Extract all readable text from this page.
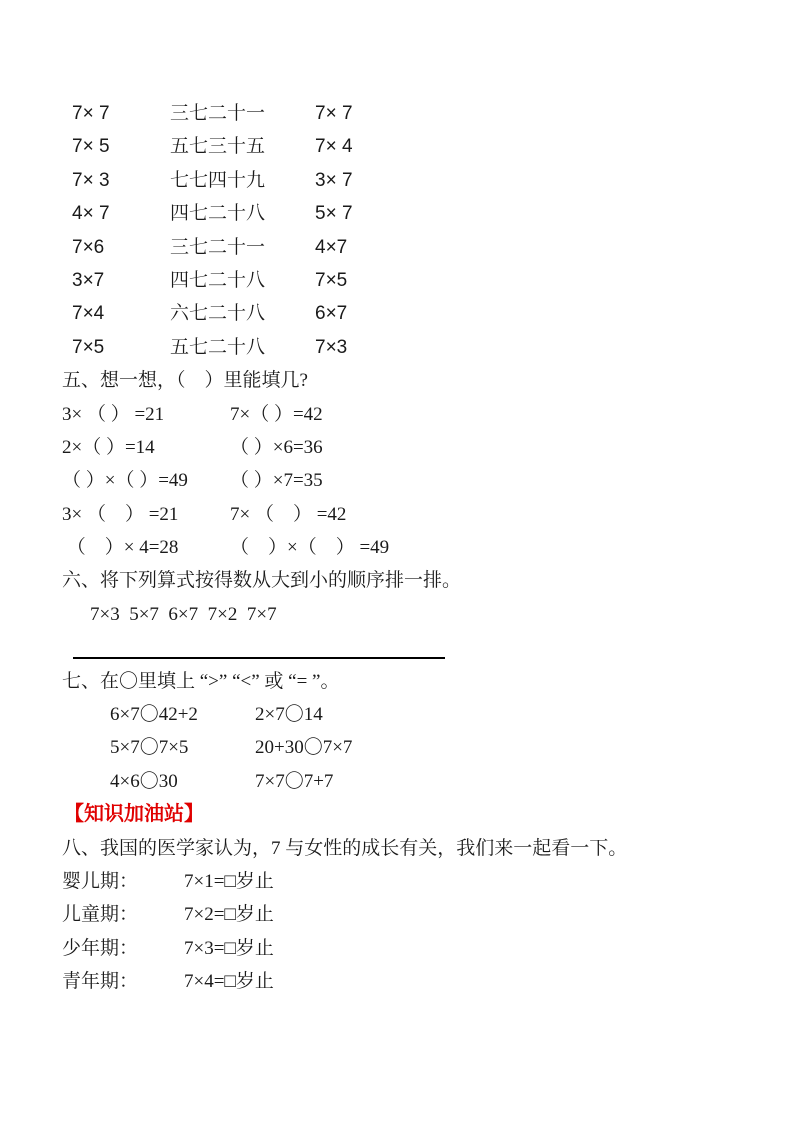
7× 7	三七二十一	7× 7
7× 5	五七三十五	7× 4
7× 3	七七四十九	3× 7
4× 7	四七二十八	5× 7
7×6	三七二十一	4×7
3×7	四七二十八	7×5
7×4	六七二十八	6×7
7×5	五七二十八	7×3

五、想一想，（　）里能填几?

3× （ ） =21	7×（ ）=42
2×（ ）=14	（ ）×6=36
（ ）×（ ）=49	（ ）×7=35
3× （　） =21	7× （　） =42
（　）× 4=28	（　）×（　） =49

六、将下列算式按得数从大到小的顺序排一排。

7×3  5×7  6×7  7×2  7×7

七、在〇里填上 “>” “<” 或 “= ”。

6×7〇42+2	2×7〇14
5×7〇7×5	20+30〇7×7
4×6〇30	7×7〇7+7

【知识加油站】

八、我国的医学家认为，7 与女性的成长有关，我们来一起看一下。

婴儿期：	7×1=□岁止
儿童期：	7×2=□岁止
少年期：	7×3=□岁止
青年期：	7×4=□岁止
